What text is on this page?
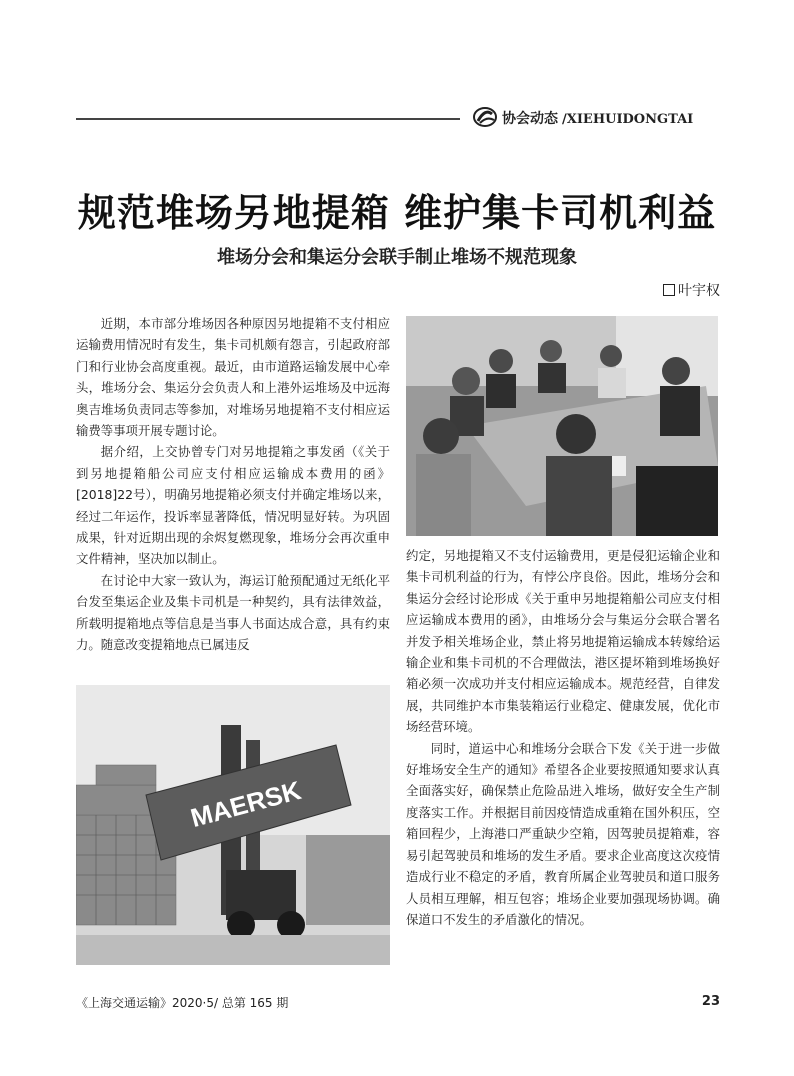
协会动态 /XIEHUIDONGTAI
规范堆场另地提箱 维护集卡司机利益
堆场分会和集运分会联手制止堆场不规范现象
叶宇权

近期，本市部分堆场因各种原因另地提箱不支付相应运输费用情况时有发生，集卡司机颇有怨言，引起政府部门和行业协会高度重视。最近，由市道路运输发展中心牵头，堆场分会、集运分会负责人和上港外运堆场及中远海奥吉堆场负责同志等参加，对堆场另地提箱不支付相应运输费等事项开展专题讨论。

据介绍，上交协曾专门对另地提箱之事发函（《关于到另地提箱船公司应支付相应运输成本费用的函》[2018]22号），明确另地提箱必须支付并确定堆场以来，经过二年运作，投诉率显著降低，情况明显好转。为巩固成果，针对近期出现的余烬复燃现象，堆场分会再次重申文件精神，坚决加以制止。

在讨论中大家一致认为，海运订舱预配通过无纸化平台发至集运企业及集卡司机是一种契约，具有法律效益，所载明提箱地点等信息是当事人书面达成合意，具有约束力。随意改变提箱地点已属违反

MAERSK

约定，另地提箱又不支付运输费用，更是侵犯运输企业和集卡司机利益的行为，有悖公序良俗。因此，堆场分会和集运分会经讨论形成《关于重申另地提箱船公司应支付相应运输成本费用的函》，由堆场分会与集运分会联合署名并发予相关堆场企业，禁止将另地提箱运输成本转嫁给运输企业和集卡司机的不合理做法，港区提坏箱到堆场换好箱必须一次成功并支付相应运输成本。规范经营，自律发展，共同维护本市集装箱运行业稳定、健康发展，优化市场经营环境。

同时，道运中心和堆场分会联合下发《关于进一步做好堆场安全生产的通知》希望各企业要按照通知要求认真全面落实好，确保禁止危险品进入堆场，做好安全生产制度落实工作。并根据目前因疫情造成重箱在国外积压，空箱回程少，上海港口严重缺少空箱，因驾驶员提箱难，容易引起驾驶员和堆场的发生矛盾。要求企业高度这次疫情造成行业不稳定的矛盾，教育所属企业驾驶员和道口服务人员相互理解，相互包容；堆场企业要加强现场协调。确保道口不发生的矛盾激化的情况。

《上海交通运输》2020·5/ 总第 165 期	23
